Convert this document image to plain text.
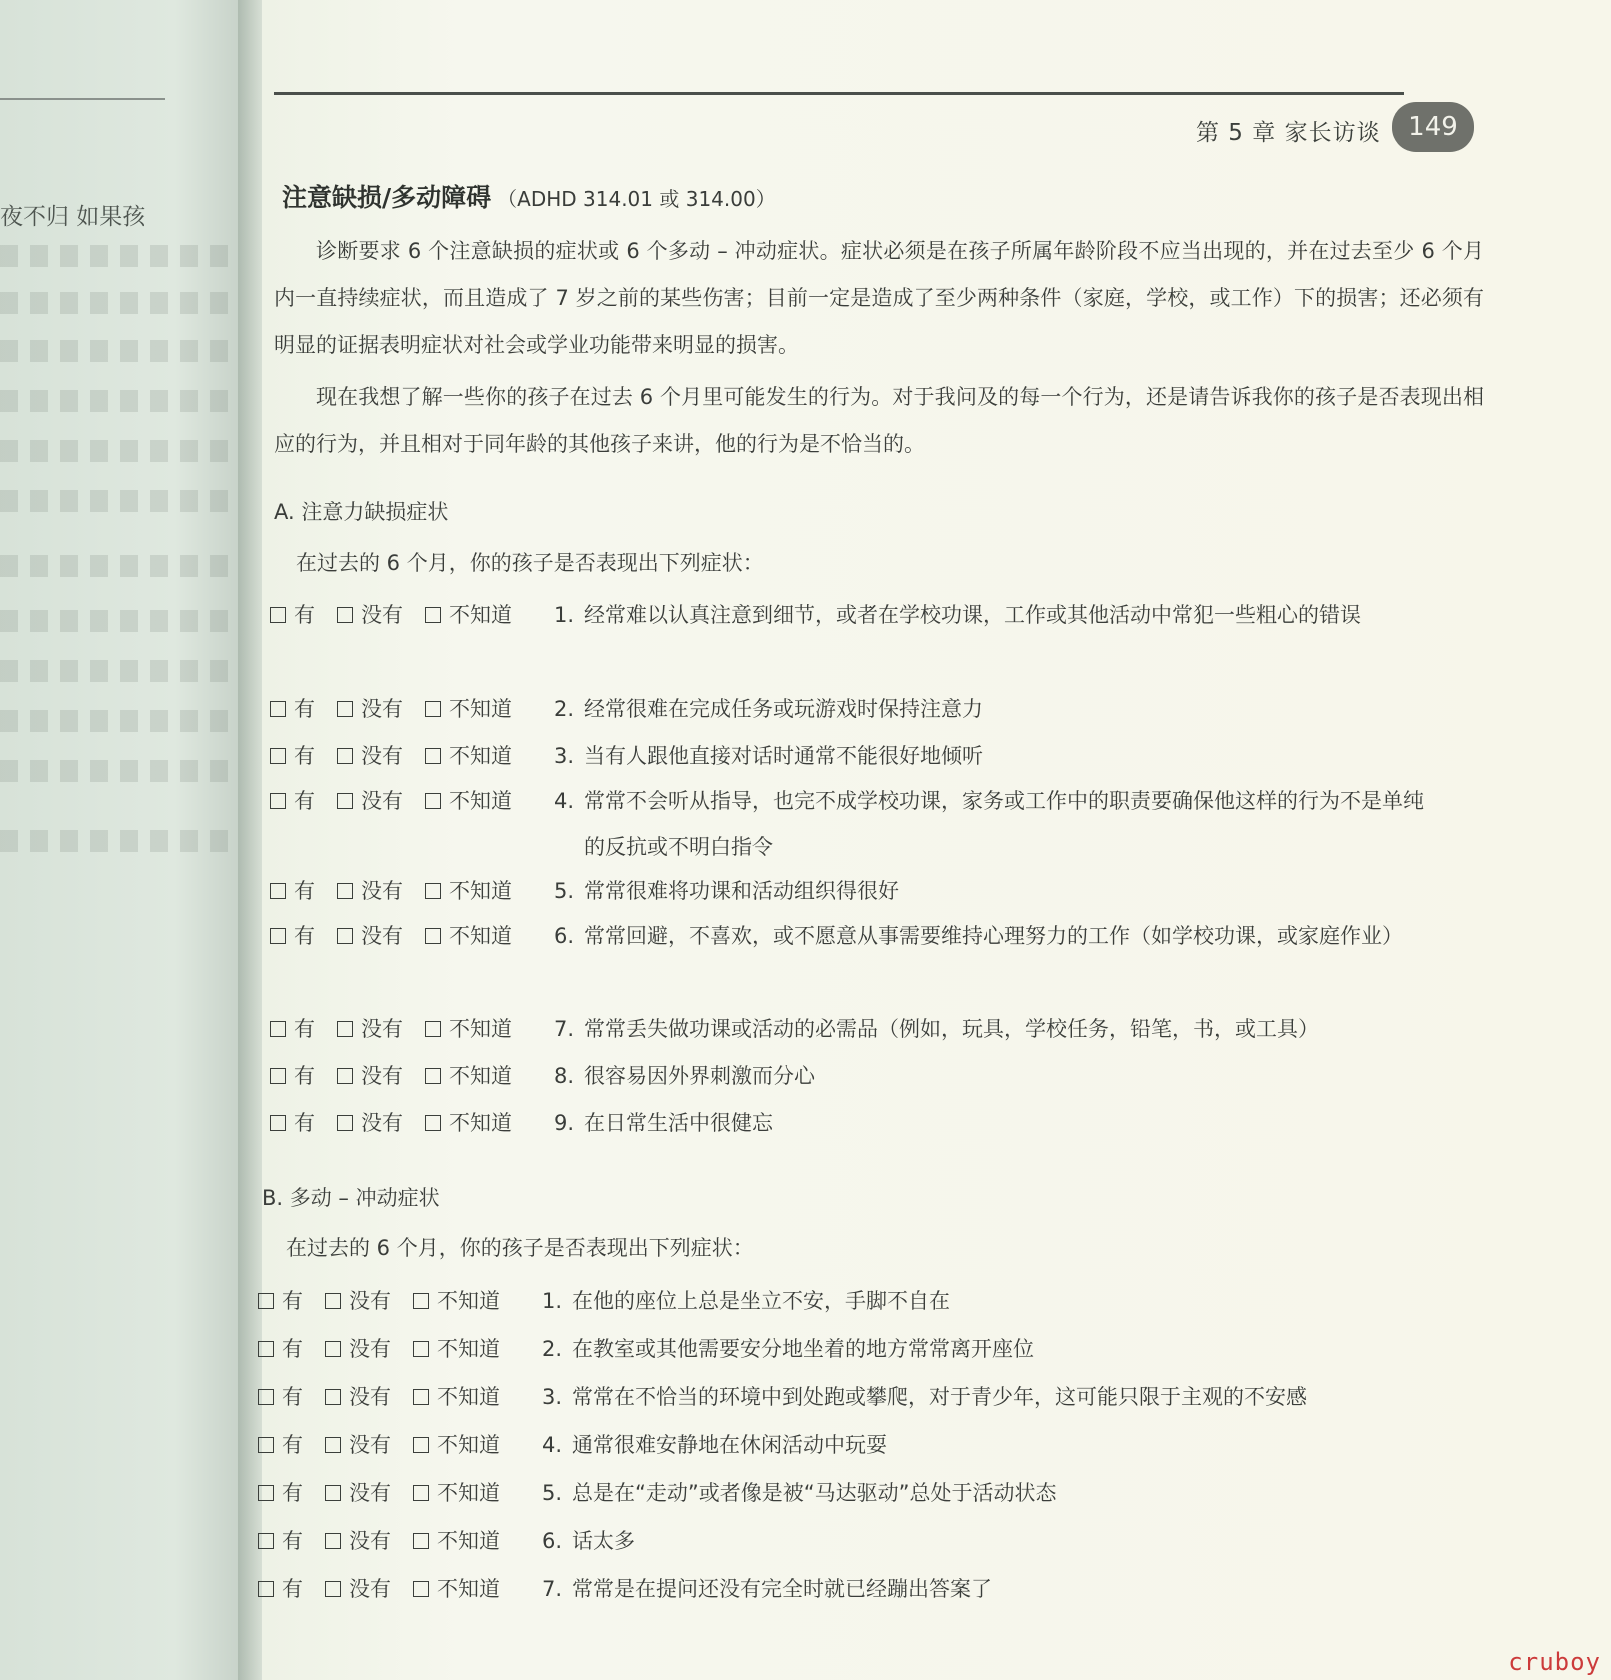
夜不归 如果孩
第 5 章 家长访谈	149
注意缺损/多动障碍 （ADHD 314.01 或 314.00）
诊断要求 6 个注意缺损的症状或 6 个多动 – 冲动症状。症状必须是在孩子所属年龄阶段不应当出现的，并在过去至少 6 个月内一直持续症状，而且造成了 7 岁之前的某些伤害；目前一定是造成了至少两种条件（家庭，学校，或工作）下的损害；还必须有明显的证据表明症状对社会或学业功能带来明显的损害。
现在我想了解一些你的孩子在过去 6 个月里可能发生的行为。对于我问及的每一个行为，还是请告诉我你的孩子是否表现出相应的行为，并且相对于同年龄的其他孩子来讲，他的行为是不恰当的。
A. 注意力缺损症状
在过去的 6 个月，你的孩子是否表现出下列症状：
有 没有 不知道	1. 经常难以认真注意到细节，或者在学校功课，工作或其他活动中常犯一些粗心的错误
有 没有 不知道	2. 经常很难在完成任务或玩游戏时保持注意力
有 没有 不知道	3. 当有人跟他直接对话时通常不能很好地倾听
有 没有 不知道	4. 常常不会听从指导，也完不成学校功课，家务或工作中的职责要确保他这样的行为不是单纯的反抗或不明白指令
有 没有 不知道	5. 常常很难将功课和活动组织得很好
有 没有 不知道	6. 常常回避，不喜欢，或不愿意从事需要维持心理努力的工作（如学校功课，或家庭作业）
有 没有 不知道	7. 常常丢失做功课或活动的必需品（例如，玩具，学校任务，铅笔，书，或工具）
有 没有 不知道	8. 很容易因外界刺激而分心
有 没有 不知道	9. 在日常生活中很健忘
B. 多动 – 冲动症状
在过去的 6 个月，你的孩子是否表现出下列症状：
有 没有 不知道	1. 在他的座位上总是坐立不安，手脚不自在
有 没有 不知道	2. 在教室或其他需要安分地坐着的地方常常离开座位
有 没有 不知道	3. 常常在不恰当的环境中到处跑或攀爬，对于青少年，这可能只限于主观的不安感
有 没有 不知道	4. 通常很难安静地在休闲活动中玩耍
有 没有 不知道	5. 总是在“走动”或者像是被“马达驱动”总处于活动状态
有 没有 不知道	6. 话太多
有 没有 不知道	7. 常常是在提问还没有完全时就已经蹦出答案了
cruboy
